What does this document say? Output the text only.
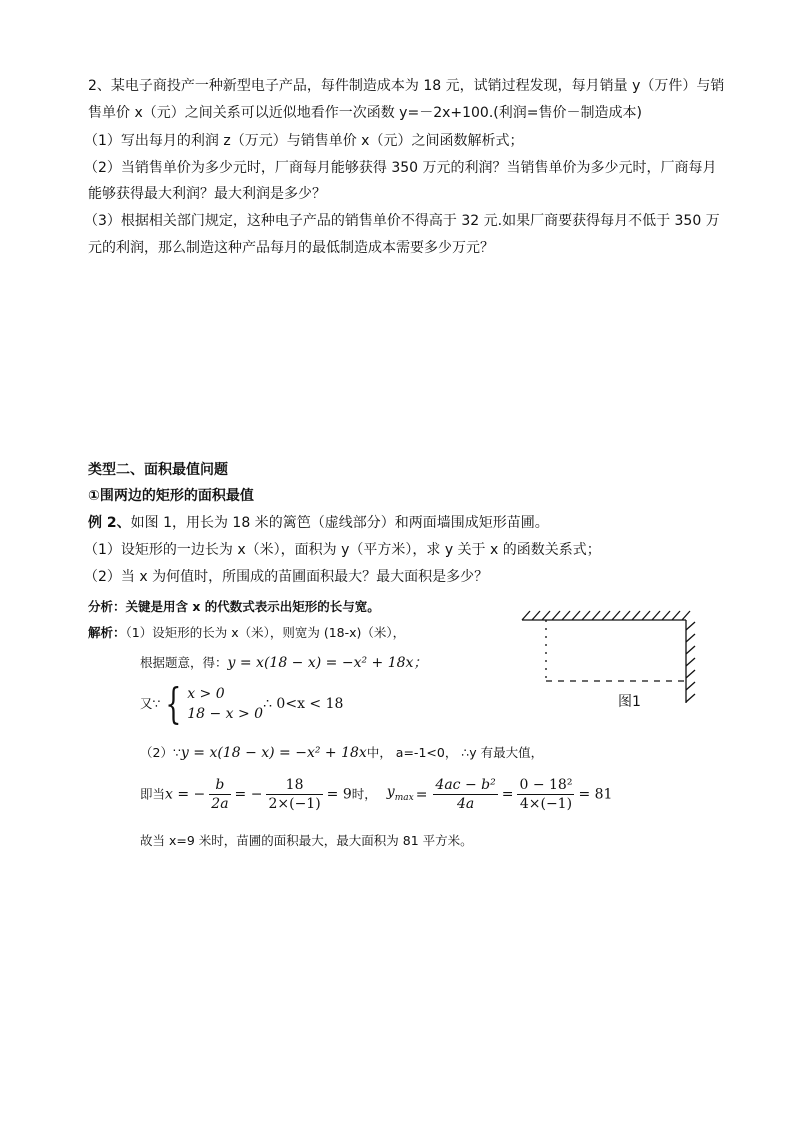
2、某电子商投产一种新型电子产品，每件制造成本为 18 元，试销过程发现，每月销量 y（万件）与销
售单价 x（元）之间关系可以近似地看作一次函数 y=－2x+100.(利润=售价－制造成本)
（1）写出每月的利润 z（万元）与销售单价 x（元）之间函数解析式；
（2）当销售单价为多少元时，厂商每月能够获得 350 万元的利润？当销售单价为多少元时，厂商每月
能够获得最大利润？最大利润是多少？
（3）根据相关部门规定，这种电子产品的销售单价不得高于 32 元.如果厂商要获得每月不低于 350 万
元的利润，那么制造这种产品每月的最低制造成本需要多少万元？
类型二、面积最值问题
①围两边的矩形的面积最值
例 2、如图 1，用长为 18 米的篱笆（虚线部分）和两面墙围成矩形苗圃。
（1）设矩形的一边长为 x（米），面积为 y（平方米），求 y 关于 x 的函数关系式；
（2）当 x 为何值时，所围成的苗圃面积最大？最大面积是多少？
分析：关键是用含 x 的代数式表示出矩形的长与宽。
解析：（1）设矩形的长为 x（米），则宽为 (18-x)（米），
根据题意，得：y = x(18 − x) = −x² + 18x；
又∵ { x > 0
18 − x > 0
∴ 0<x < 18
（2）∵y = x(18 − x) = −x² + 18x中， a=-1<0， ∴y 有最大值，
即当x = − $\frac{b}{2a}$ = − $\frac{18}{2\times(-1)} = 9$时， $y_{max} = \frac{\text{4ac − b²}}{4a} = \frac{\text{0 − 18²}}{4\times(-1)} = 81$
故当 x=9 米时，苗圃的面积最大，最大面积为 81 平方米。
图1
